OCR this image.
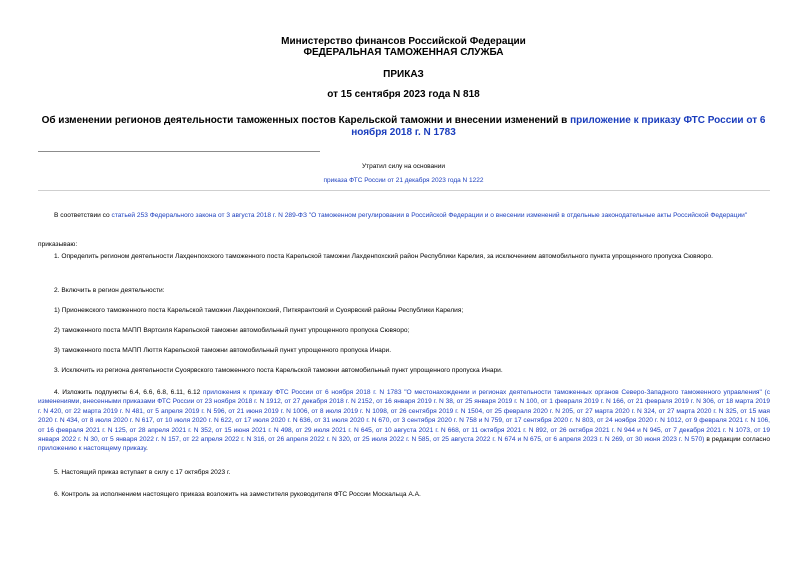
Министерство финансов Российской Федерации
ФЕДЕРАЛЬНАЯ ТАМОЖЕННАЯ СЛУЖБА
ПРИКАЗ
от 15 сентября 2023 года N 818
Об изменении регионов деятельности таможенных постов Карельской таможни и внесении изменений в приложение к приказу ФТС России от 6 ноября 2018 г. N 1783
Утратил силу на основании
приказа ФТС России от 21 декабря 2023 года N 1222
В соответствии со статьей 253 Федерального закона от 3 августа 2018 г. N 289-ФЗ "О таможенном регулировании в Российской Федерации и о внесении изменений в отдельные законодательные акты Российской Федерации"
приказываю:
1. Определить регионом деятельности Лахденпохского таможенного поста Карельской таможни Лахденпохский район Республики Карелия, за исключением автомобильного пункта упрощенного пропуска Сювяоро.
2. Включить в регион деятельности:
1) Прионежского таможенного поста Карельской таможни Лахденпохский, Питкярантский и Суоярвский районы Республики Карелия;
2) таможенного поста МАПП Вяртсиля Карельской таможни автомобильный пункт упрощенного пропуска Сювяоро;
3) таможенного поста МАПП Люття Карельской таможни автомобильный пункт упрощенного пропуска Инари.
3. Исключить из региона деятельности Суоярвского таможенного поста Карельской таможни автомобильный пункт упрощенного пропуска Инари.
4. Изложить подпункты 6.4, 6.6, 6.8, 6.11, 6.12 приложения к приказу ФТС России от 6 ноября 2018 г. N 1783 "О местонахождении и регионах деятельности таможенных органов Северо-Западного таможенного управления" (с изменениями, внесенными приказами ФТС России от 23 ноября 2018 г. N 1912, от 27 декабря 2018 г. N 2152, от 16 января 2019 г. N 38, от 25 января 2019 г. N 100, от 1 февраля 2019 г. N 166, от 21 февраля 2019 г. N 306, от 18 марта 2019 г. N 420, от 22 марта 2019 г. N 481, от 5 апреля 2019 г. N 596, от 21 июня 2019 г. N 1006, от 8 июля 2019 г. N 1098, от 26 сентября 2019 г. N 1504, от 25 февраля 2020 г. N 205, от 27 марта 2020 г. N 324, от 27 марта 2020 г. N 325, от 15 мая 2020 г. N 434, от 8 июля 2020 г. N 617, от 10 июля 2020 г. N 622, от 17 июля 2020 г. N 636, от 31 июля 2020 г. N 670, от 3 сентября 2020 г. N 758 и N 759, от 17 сентября 2020 г. N 803, от 24 ноября 2020 г. N 1012, от 9 февраля 2021 г. N 106, от 16 февраля 2021 г. N 125, от 28 апреля 2021 г. N 352, от 15 июня 2021 г. N 498, от 29 июля 2021 г. N 645, от 10 августа 2021 г. N 668, от 11 октября 2021 г. N 892, от 26 октября 2021 г. N 944 и N 945, от 7 декабря 2021 г. N 1073, от 19 января 2022 г. N 30, от 5 января 2022 г. N 157, от 22 апреля 2022 г. N 316, от 26 апреля 2022 г. N 320, от 25 июля 2022 г. N 585, от 25 августа 2022 г. N 674 и N 675, от 6 апреля 2023 г. N 269, от 30 июня 2023 г. N 570) в редакции согласно приложению к настоящему приказу.
5. Настоящий приказ вступает в силу с 17 октября 2023 г.
6. Контроль за исполнением настоящего приказа возложить на заместителя руководителя ФТС России Москальца А.А.
